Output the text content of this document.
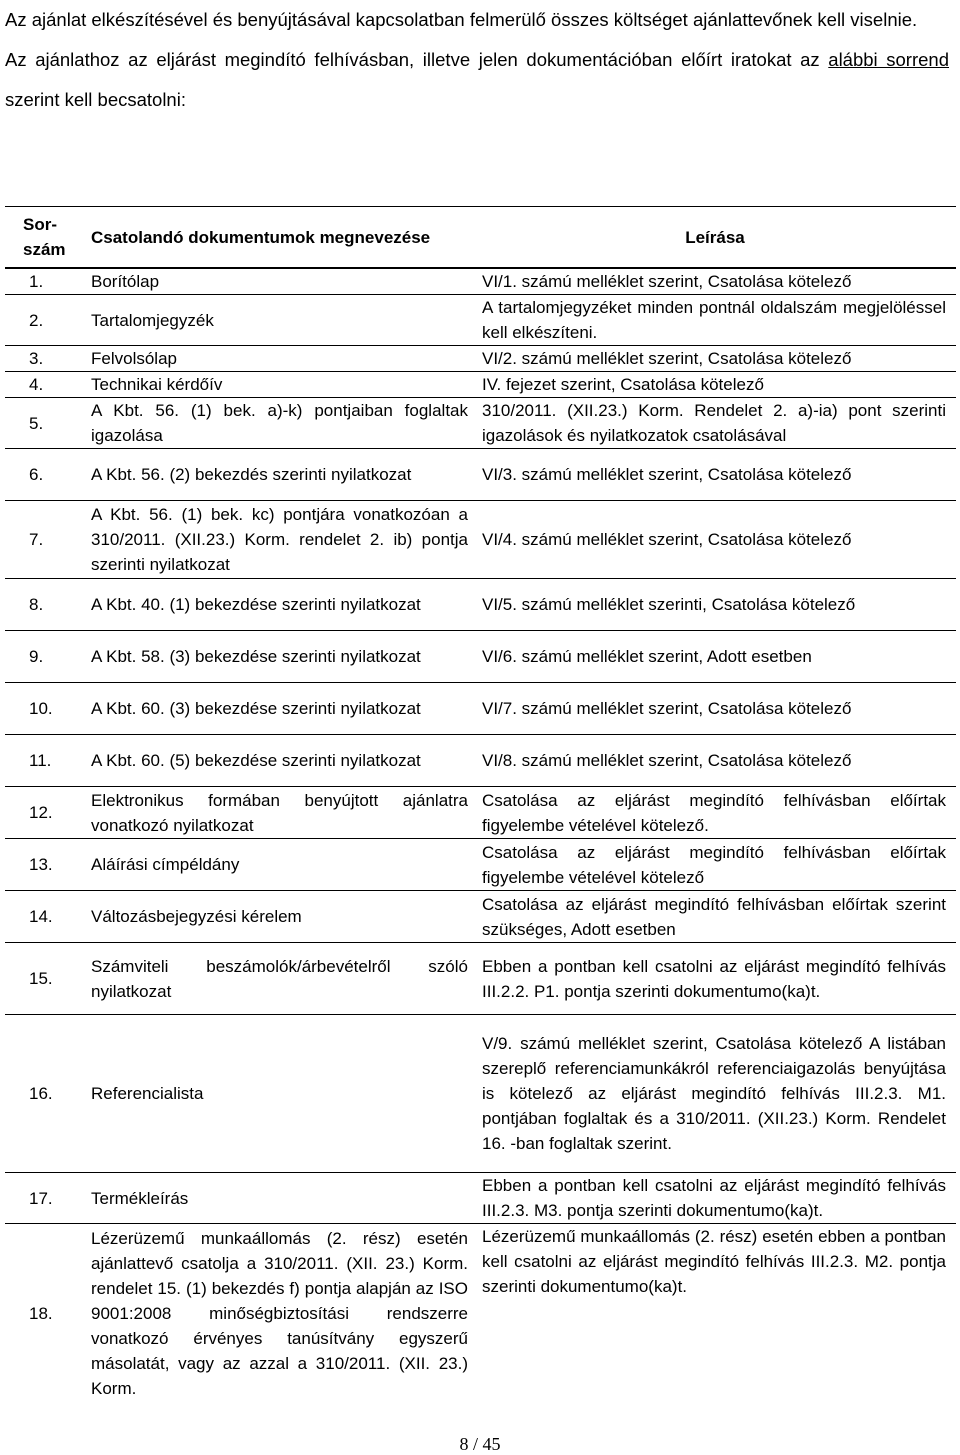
Az ajánlat elkészítésével és benyújtásával kapcsolatban felmerülő összes költséget ajánlattevőnek kell viselnie.

Az ajánlathoz az eljárást megindító felhívásban, illetve jelen dokumentációban előírt iratokat az alábbi sorrend szerint kell becsatolni:

Sor-szám	Csatolandó dokumentumok megnevezése	Leírása
1.	Borítólap	VI/1. számú melléklet szerint, Csatolása kötelező
2.	Tartalomjegyzék	A tartalomjegyzéket minden pontnál oldalszám megjelöléssel kell elkészíteni.
3.	Felvolsólap	VI/2. számú melléklet szerint, Csatolása kötelező
4.	Technikai kérdőív	IV. fejezet szerint, Csatolása kötelező
5.	A Kbt. 56. (1) bek. a)-k) pontjaiban foglaltak igazolása	310/2011. (XII.23.) Korm. Rendelet 2. a)-ia) pont szerinti igazolások és nyilatkozatok csatolásával
6.	A Kbt. 56. (2) bekezdés szerinti nyilatkozat	VI/3. számú melléklet szerint, Csatolása kötelező
7.	A Kbt. 56. (1) bek. kc) pontjára vonatkozóan a 310/2011. (XII.23.) Korm. rendelet 2. ib) pontja szerinti nyilatkozat	VI/4. számú melléklet szerint, Csatolása kötelező
8.	A Kbt. 40. (1) bekezdése szerinti nyilatkozat	VI/5. számú melléklet szerinti, Csatolása kötelező
9.	A Kbt. 58. (3) bekezdése szerinti nyilatkozat	VI/6. számú melléklet szerint, Adott esetben
10.	A Kbt. 60. (3) bekezdése szerinti nyilatkozat	VI/7. számú melléklet szerint, Csatolása kötelező
11.	A Kbt. 60. (5) bekezdése szerinti nyilatkozat	VI/8. számú melléklet szerint, Csatolása kötelező
12.	Elektronikus formában benyújtott ajánlatra vonatkozó nyilatkozat	Csatolása az eljárást megindító felhívásban előírtak figyelembe vételével kötelező.
13.	Aláírási címpéldány	Csatolása az eljárást megindító felhívásban előírtak figyelembe vételével kötelező
14.	Változásbejegyzési kérelem	Csatolása az eljárást megindító felhívásban előírtak szerint szükséges, Adott esetben
15.	Számviteli beszámolók/árbevételről szóló nyilatkozat	Ebben a pontban kell csatolni az eljárást megindító felhívás III.2.2. P1. pontja szerinti dokumentumo(ka)t.
16.	Referencialista	V/9. számú melléklet szerint, Csatolása kötelező A listában szereplő referenciamunkákról referenciaigazolás benyújtása is kötelező az eljárást megindító felhívás III.2.3. M1. pontjában foglaltak és a 310/2011. (XII.23.) Korm. Rendelet 16. -ban foglaltak szerint.
17.	Termékleírás	Ebben a pontban kell csatolni az eljárást megindító felhívás III.2.3. M3. pontja szerinti dokumentumo(ka)t.
18.	Lézerüzemű munkaállomás (2. rész) esetén ajánlattevő csatolja a 310/2011. (XII. 23.) Korm. rendelet 15. (1) bekezdés f) pontja alapján az ISO 9001:2008 minőségbiztosítási rendszerre vonatkozó érvényes tanúsítvány egyszerű másolatát, vagy az azzal a 310/2011. (XII. 23.) Korm.	Lézerüzemű munkaállomás (2. rész) esetén ebben a pontban kell csatolni az eljárást megindító felhívás III.2.3. M2. pontja szerinti dokumentumo(ka)t.
8 / 45
